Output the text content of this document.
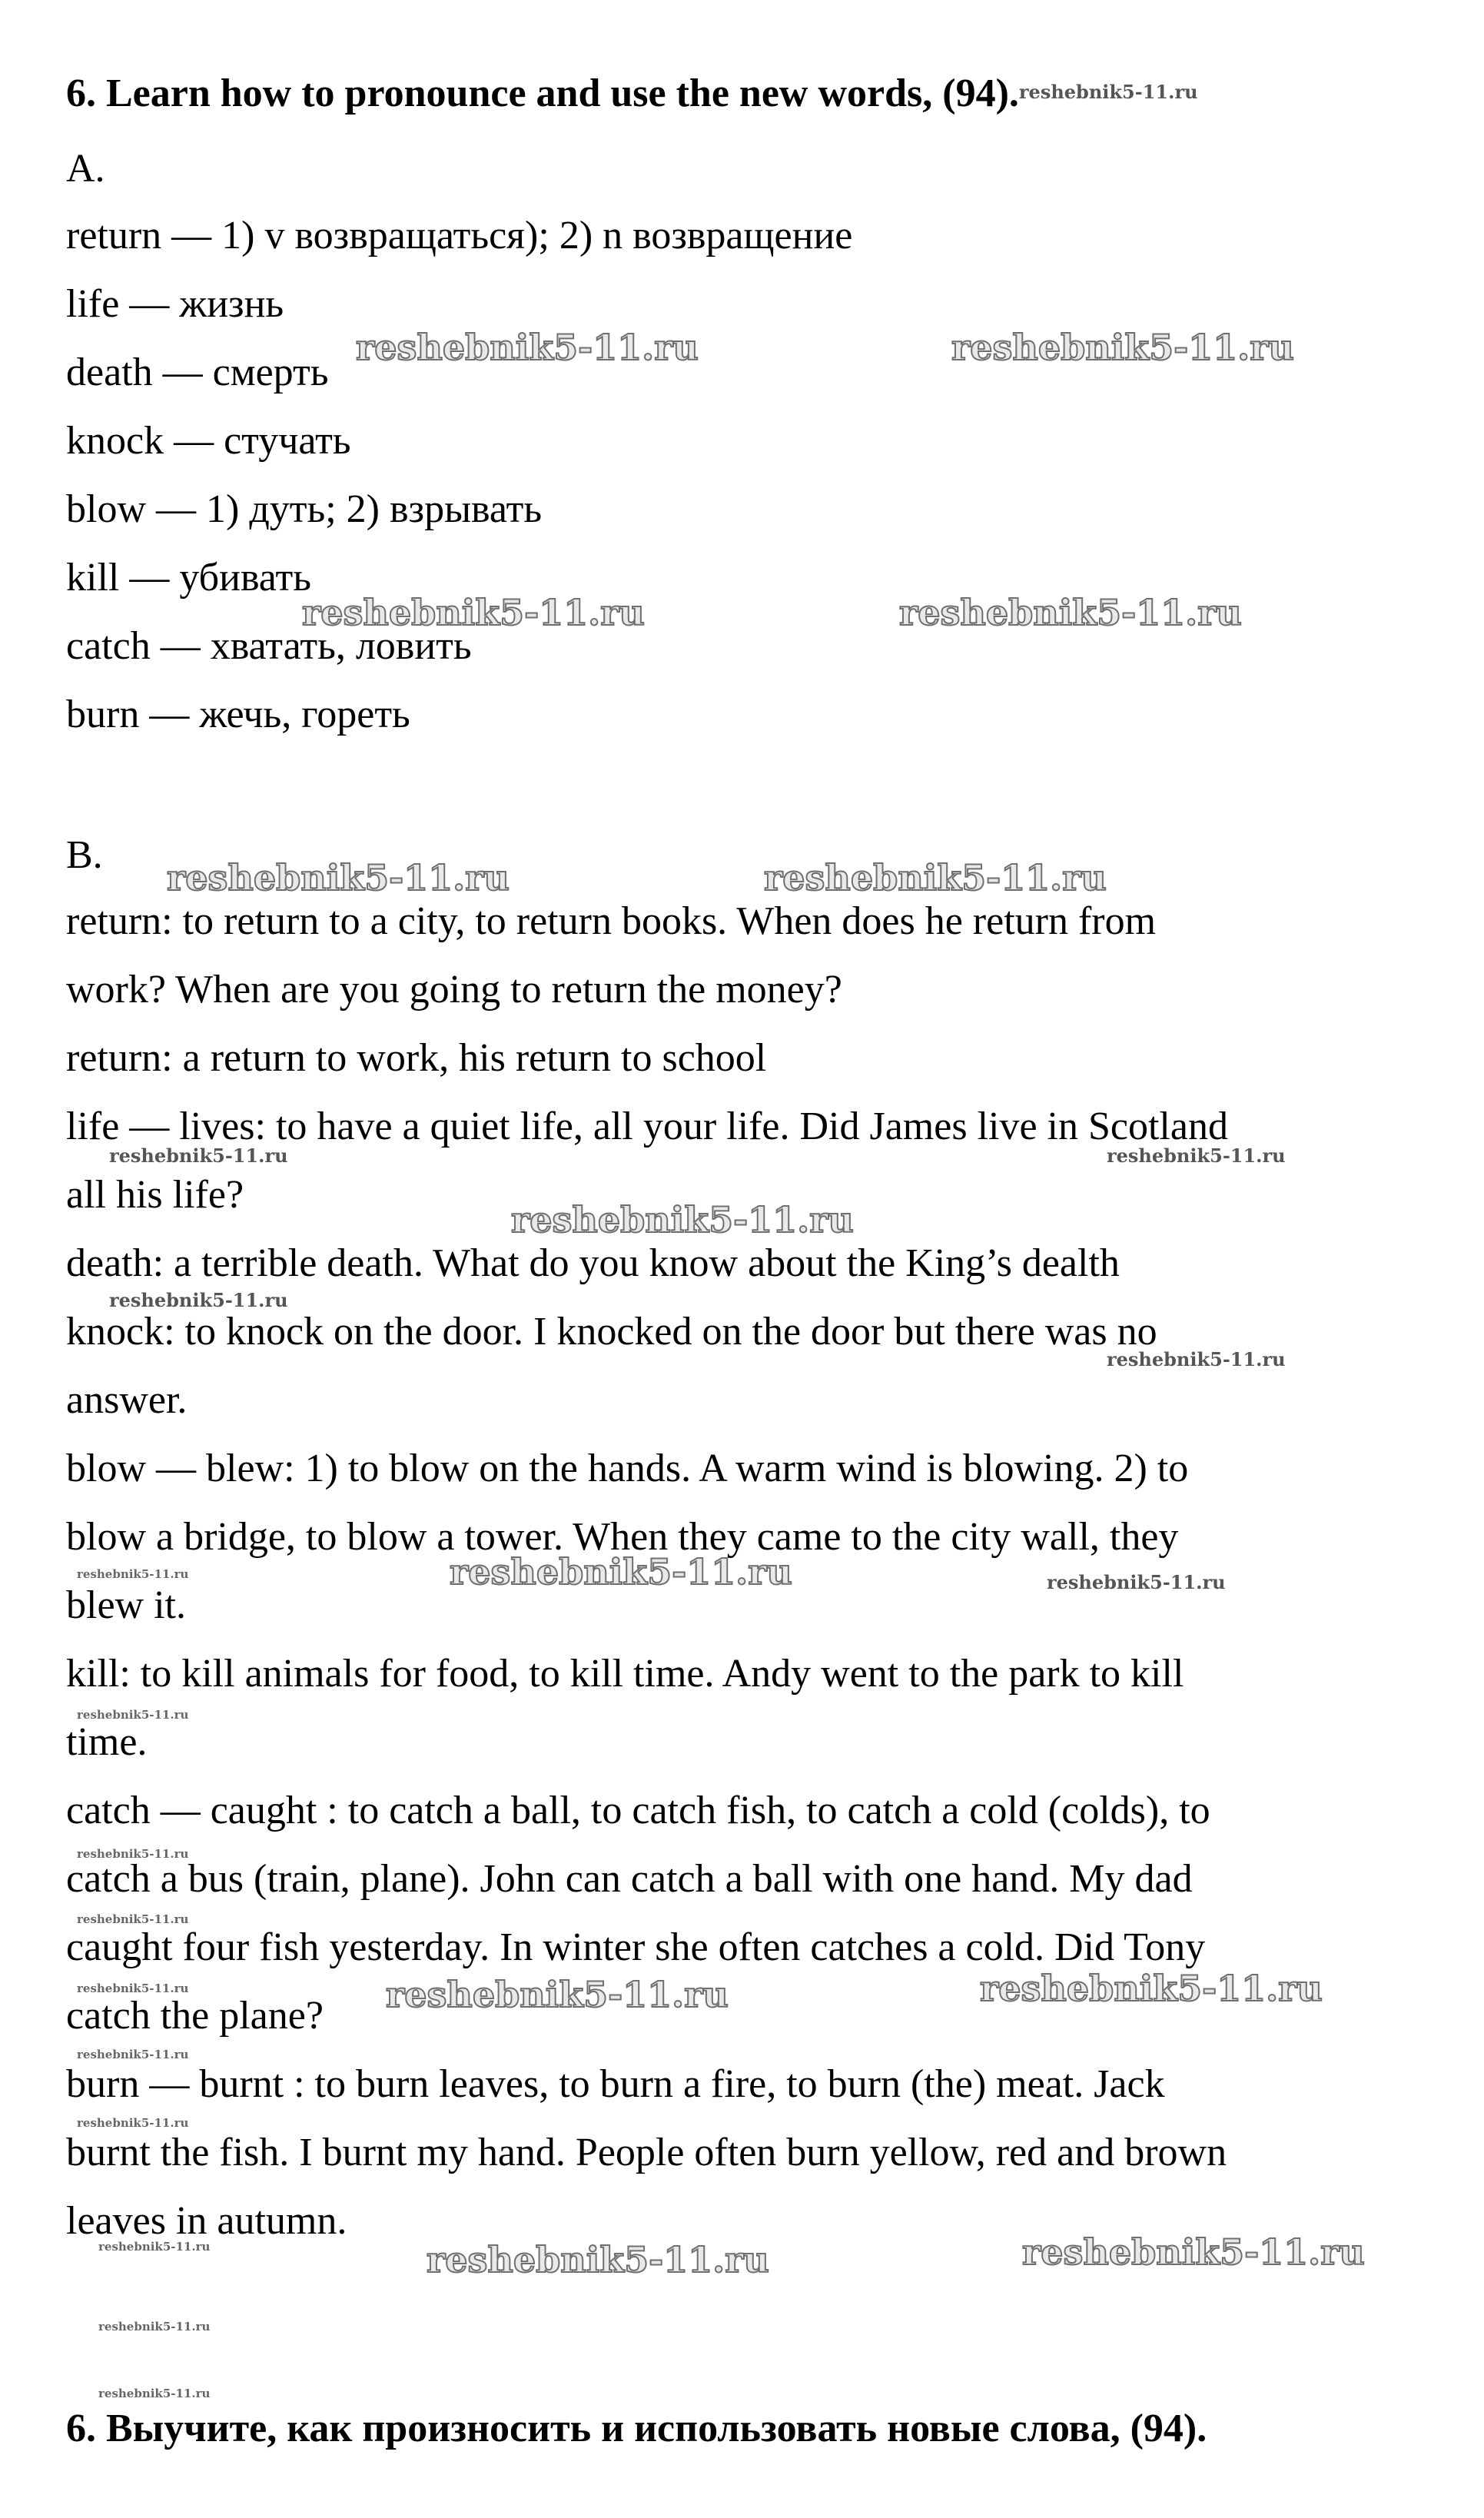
6. Learn how to pronounce and use the new words, (94).reshebnik5-11.ru
A.
return — 1) v возвращаться); 2) n возвращение
life — жизнь
death — смерть
knock — стучать
blow — 1) дуть; 2) взрывать
kill — убивать
catch — хватать, ловить
burn — жечь, гореть
B.
return: to return to a city, to return books. When does he return from
work? When are you going to return the money?
return: a return to work, his return to school
life — lives: to have a quiet life, all your life. Did James live in Scotland
all his life?
death: a terrible death. What do you know about the King’s dealth
knock: to knock on the door. I knocked on the door but there was no
answer.
blow — blew: 1) to blow on the hands. A warm wind is blowing. 2) to
blow a bridge, to blow a tower. When they came to the city wall, they
blew it.
kill: to kill animals for food, to kill time. Andy went to the park to kill
time.
catch — caught : to catch a ball, to catch fish, to catch a cold (colds), to
catch a bus (train, plane). John can catch a ball with one hand. My dad
caught four fish yesterday. In winter she often catches a cold. Did Tony
catch the plane?
burn — burnt : to burn leaves, to burn a fire, to burn (the) meat. Jack
burnt the fish. I burnt my hand. People often burn yellow, red and brown
leaves in autumn.
6. Выучите, как произносить и использовать новые слова, (94).
reshebnik5-11.ru	reshebnik5-11.ru
reshebnik5-11.ru	reshebnik5-11.ru
reshebnik5-11.ru	reshebnik5-11.ru
reshebnik5-11.ru
reshebnik5-11.ru
reshebnik5-11.ru	reshebnik5-11.ru
reshebnik5-11.ru	reshebnik5-11.ru
reshebnik5-11.ru	reshebnik5-11.ru
reshebnik5-11.ru
reshebnik5-11.ru
reshebnik5-11.ru
reshebnik5-11.ru
reshebnik5-11.ru
reshebnik5-11.ru
reshebnik5-11.ru
reshebnik5-11.ru
reshebnik5-11.ru
reshebnik5-11.ru
reshebnik5-11.ru
reshebnik5-11.ru
reshebnik5-11.ru
